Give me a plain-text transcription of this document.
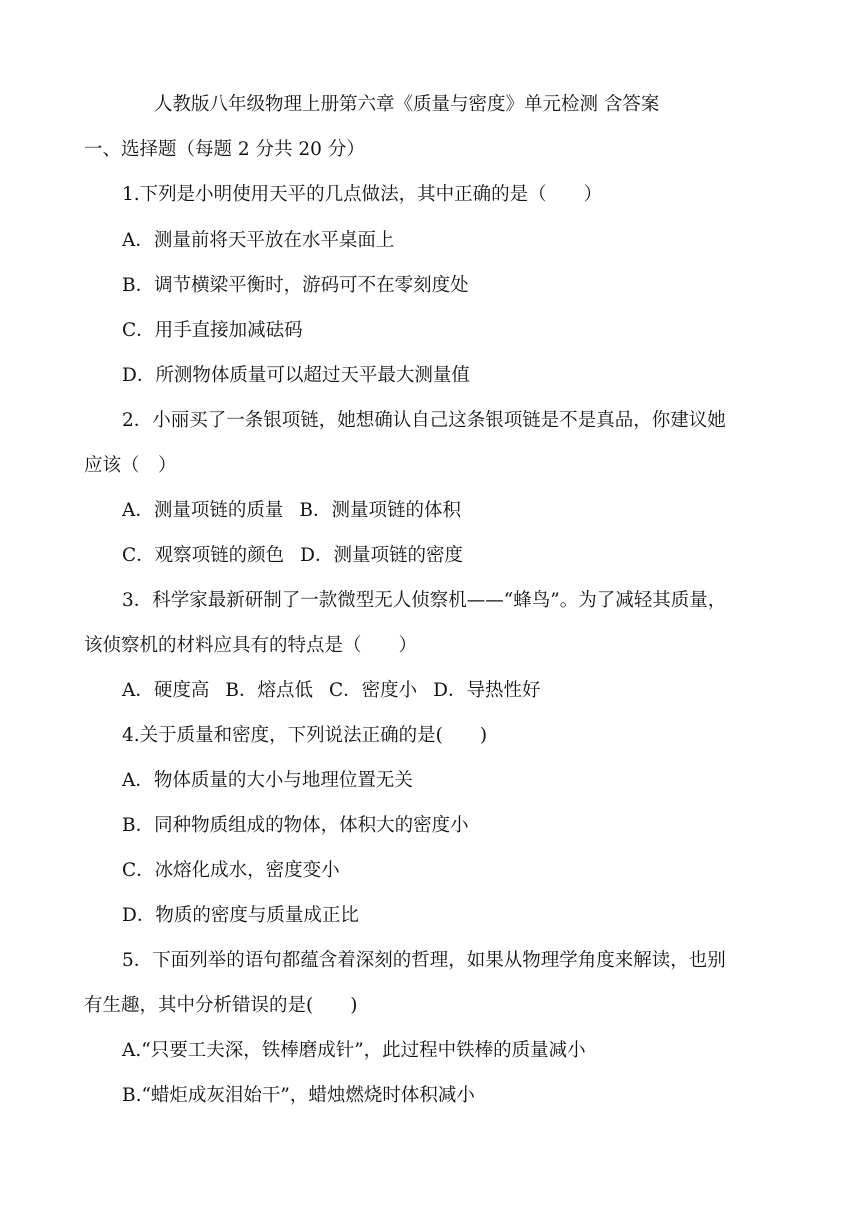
人教版八年级物理上册第六章《质量与密度》单元检测 含答案
一、选择题（每题 2 分共 20 分）
1.下列是小明使用天平的几点做法，其中正确的是（　　）
A．测量前将天平放在水平桌面上
B．调节横梁平衡时，游码可不在零刻度处
C．用手直接加减砝码
D．所测物体质量可以超过天平最大测量值
2．小丽买了一条银项链，她想确认自己这条银项链是不是真品，你建议她
应该（　）
A．测量项链的质量 B．测量项链的体积
C．观察项链的颜色 D．测量项链的密度
3．科学家最新研制了一款微型无人侦察机——“蜂鸟”。为了减轻其质量，
该侦察机的材料应具有的特点是（　　）
A．硬度高 B．熔点低 C．密度小 D．导热性好
4.关于质量和密度，下列说法正确的是(　　)
A．物体质量的大小与地理位置无关
B．同种物质组成的物体，体积大的密度小
C．冰熔化成水，密度变小
D．物质的密度与质量成正比
5．下面列举的语句都蕴含着深刻的哲理，如果从物理学角度来解读，也别
有生趣，其中分析错误的是(　　)
A.“只要工夫深，铁棒磨成针”，此过程中铁棒的质量减小
B.“蜡炬成灰泪始干”，蜡烛燃烧时体积减小
